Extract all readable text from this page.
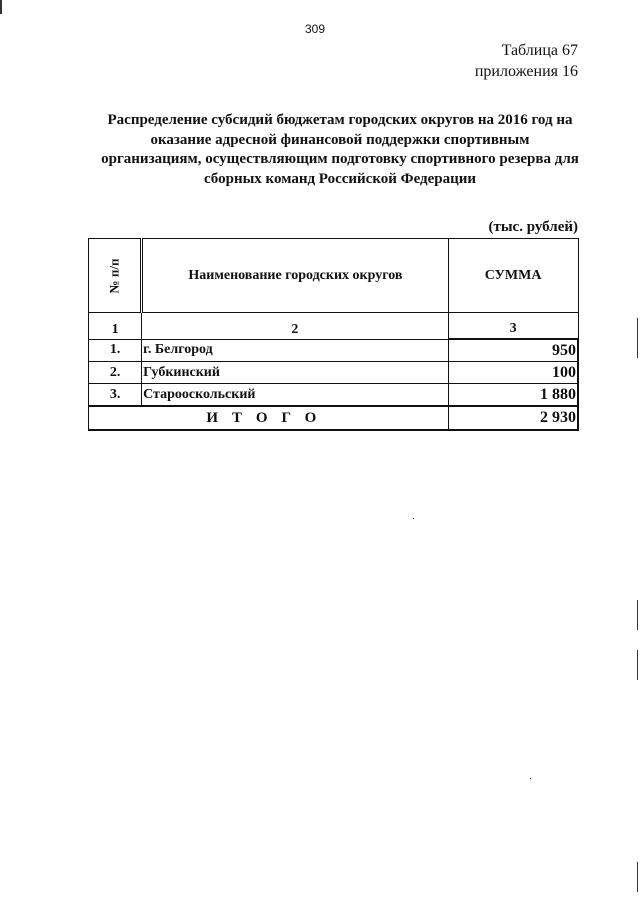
309
Таблица 67
приложения 16
Распределение субсидий бюджетам городских округов на 2016 год на
оказание адресной финансовой поддержки спортивным
организациям, осуществляющим подготовку спортивного резерва для
сборных команд Российской Федерации
(тыс. рублей)
№ п/п	Наименование городских округов	СУММА
1	2	3
1.	г. Белгород	950
2.	Губкинский	100
3.	Старооскольский	1 880
ИТОГО		2 930
